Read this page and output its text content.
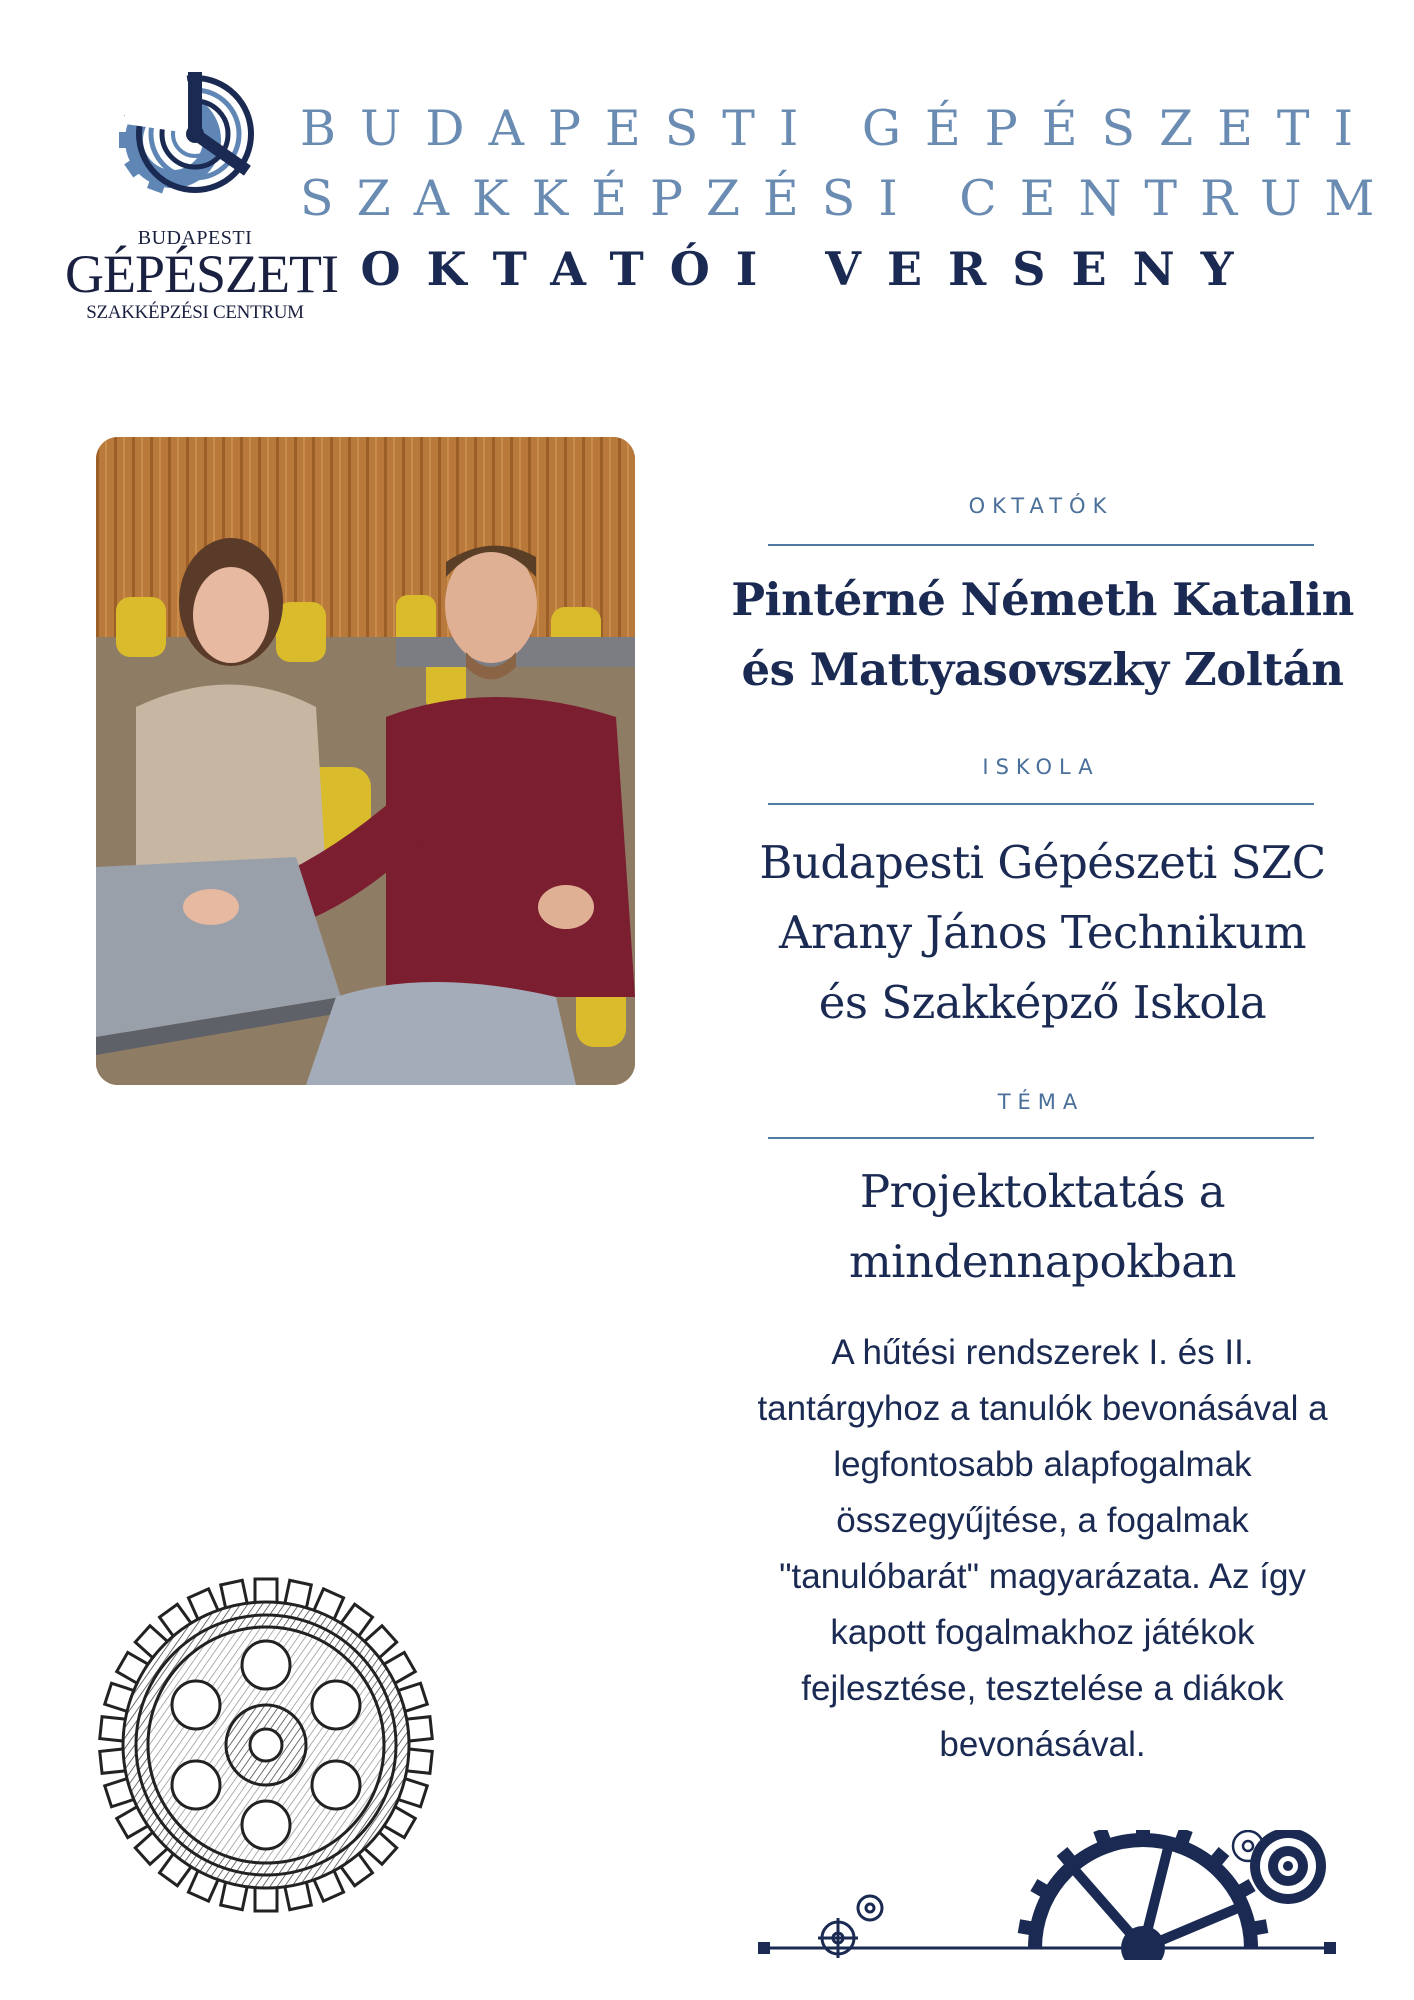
BUDAPESTI
GÉPÉSZETI
SZAKKÉPZÉSI CENTRUM
BUDAPESTI GÉPÉSZETI
SZAKKÉPZÉSI CENTRUM
OKTATÓI VERSENY
OKTATÓK
Pintérné Németh Katalin
és Mattyasovszky Zoltán
ISKOLA
Budapesti Gépészeti SZC
Arany János Technikum
és Szakképző Iskola
TÉMA
Projektoktatás a
mindennapokban
A hűtési rendszerek I. és II.
tantárgyhoz a tanulók bevonásával a
legfontosabb alapfogalmak
összegyűjtése, a fogalmak
"tanulóbarát" magyarázata. Az így
kapott fogalmakhoz játékok
fejlesztése, tesztelése a diákok
bevonásával.
